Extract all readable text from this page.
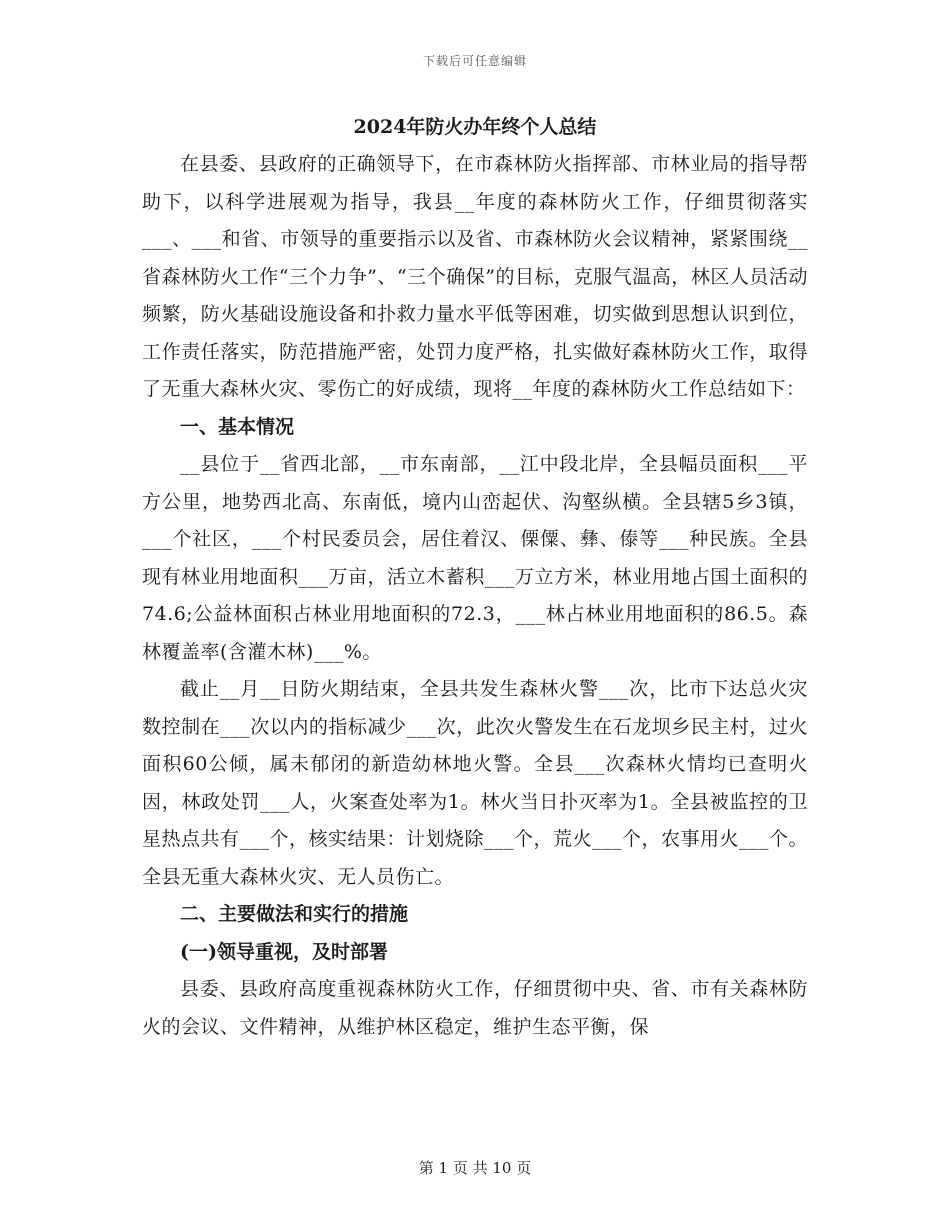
下载后可任意编辑

2024年防火办年终个人总结

在县委、县政府的正确领导下，在市森林防火指挥部、市林业局的指导帮助下，以科学进展观为指导，我县__年度的森林防火工作，仔细贯彻落实___、___和省、市领导的重要指示以及省、市森林防火会议精神，紧紧围绕__省森林防火工作“三个力争”、“三个确保”的目标，克服气温高，林区人员活动频繁，防火基础设施设备和扑救力量水平低等困难，切实做到思想认识到位，工作责任落实，防范措施严密，处罚力度严格，扎实做好森林防火工作，取得了无重大森林火灾、零伤亡的好成绩，现将__年度的森林防火工作总结如下：

一、基本情况

__县位于__省西北部，__市东南部，__江中段北岸，全县幅员面积___平方公里，地势西北高、东南低，境内山峦起伏、沟壑纵横。全县辖5乡3镇，___个社区，___个村民委员会，居住着汉、傈僳、彝、傣等___种民族。全县现有林业用地面积___万亩，活立木蓄积___万立方米，林业用地占国土面积的74.6;公益林面积占林业用地面积的72.3，___林占林业用地面积的86.5。森林覆盖率(含灌木林)___%。

截止__月__日防火期结束，全县共发生森林火警___次，比市下达总火灾数控制在___次以内的指标减少___次，此次火警发生在石龙坝乡民主村，过火面积60公倾，属未郁闭的新造幼林地火警。全县___次森林火情均已查明火因，林政处罚___人，火案查处率为1。林火当日扑灭率为1。全县被监控的卫星热点共有___个，核实结果：计划烧除___个，荒火___个，农事用火___个。全县无重大森林火灾、无人员伤亡。

二、主要做法和实行的措施

(一)领导重视，及时部署

县委、县政府高度重视森林防火工作，仔细贯彻中央、省、市有关森林防火的会议、文件精神，从维护林区稳定，维护生态平衡，保

第 1 页 共 10 页
